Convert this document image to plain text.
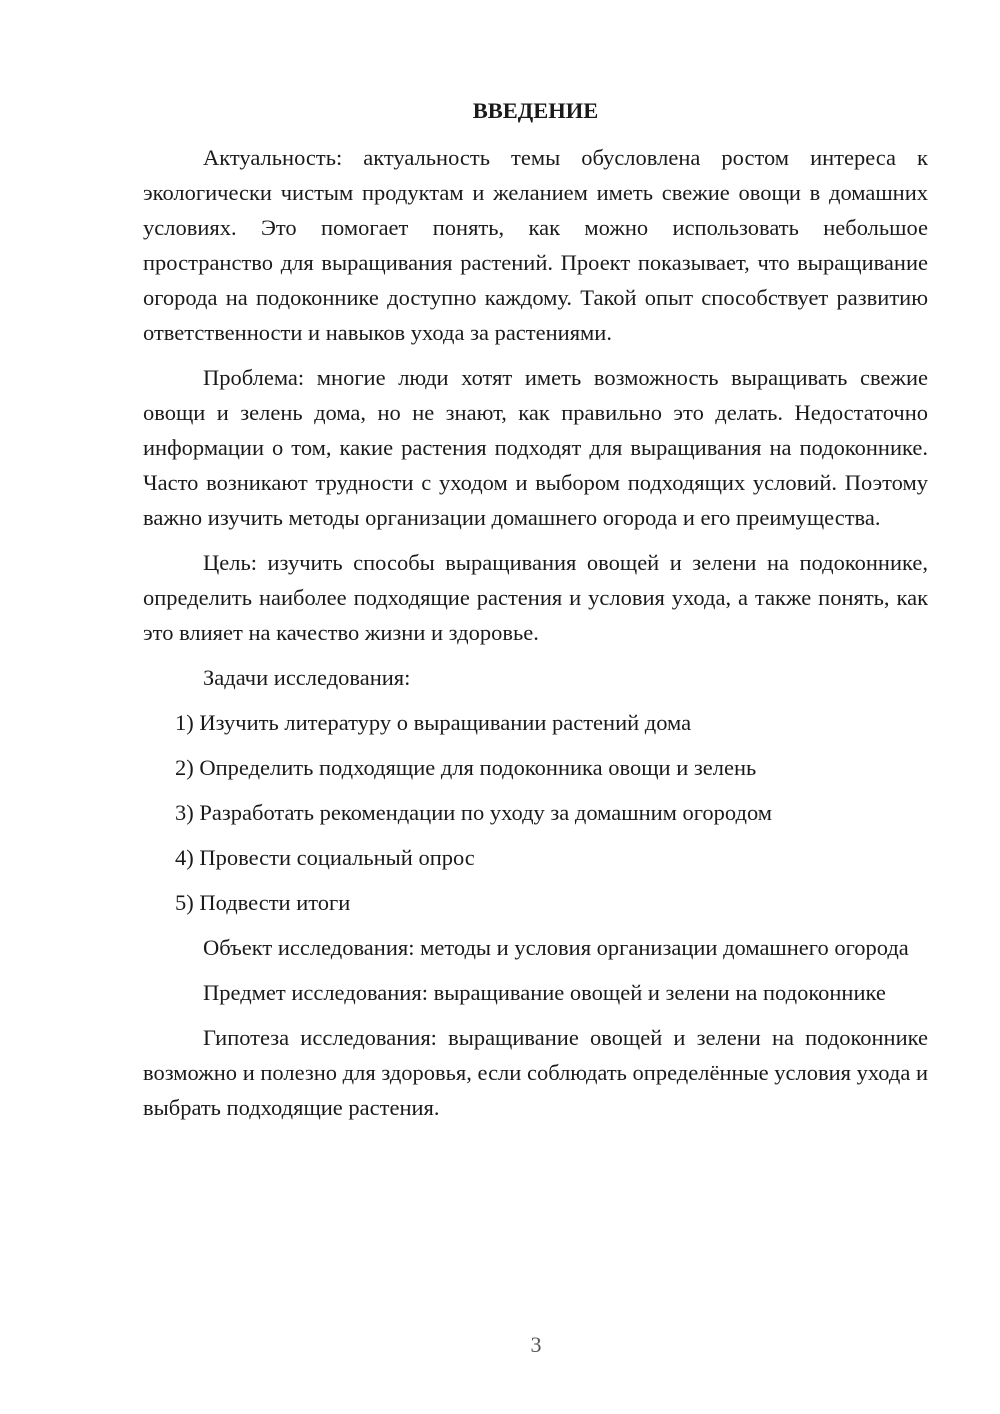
ВВЕДЕНИЕ

Актуальность: актуальность темы обусловлена ростом интереса к экологически чистым продуктам и желанием иметь свежие овощи в домашних условиях. Это помогает понять, как можно использовать небольшое пространство для выращивания растений. Проект показывает, что выращивание огорода на подоконнике доступно каждому. Такой опыт способствует развитию ответственности и навыков ухода за растениями.

Проблема: многие люди хотят иметь возможность выращивать свежие овощи и зелень дома, но не знают, как правильно это делать. Недостаточно информации о том, какие растения подходят для выращивания на подоконнике. Часто возникают трудности с уходом и выбором подходящих условий. Поэтому важно изучить методы организации домашнего огорода и его преимущества.

Цель: изучить способы выращивания овощей и зелени на подоконнике, определить наиболее подходящие растения и условия ухода, а также понять, как это влияет на качество жизни и здоровье.

Задачи исследования:
1) Изучить литературу о выращивании растений дома
2) Определить подходящие для подоконника овощи и зелень
3) Разработать рекомендации по уходу за домашним огородом
4) Провести социальный опрос
5) Подвести итоги

Объект исследования: методы и условия организации домашнего огорода

Предмет исследования: выращивание овощей и зелени на подоконнике

Гипотеза исследования: выращивание овощей и зелени на подоконнике возможно и полезно для здоровья, если соблюдать определённые условия ухода и выбрать подходящие растения.

3
